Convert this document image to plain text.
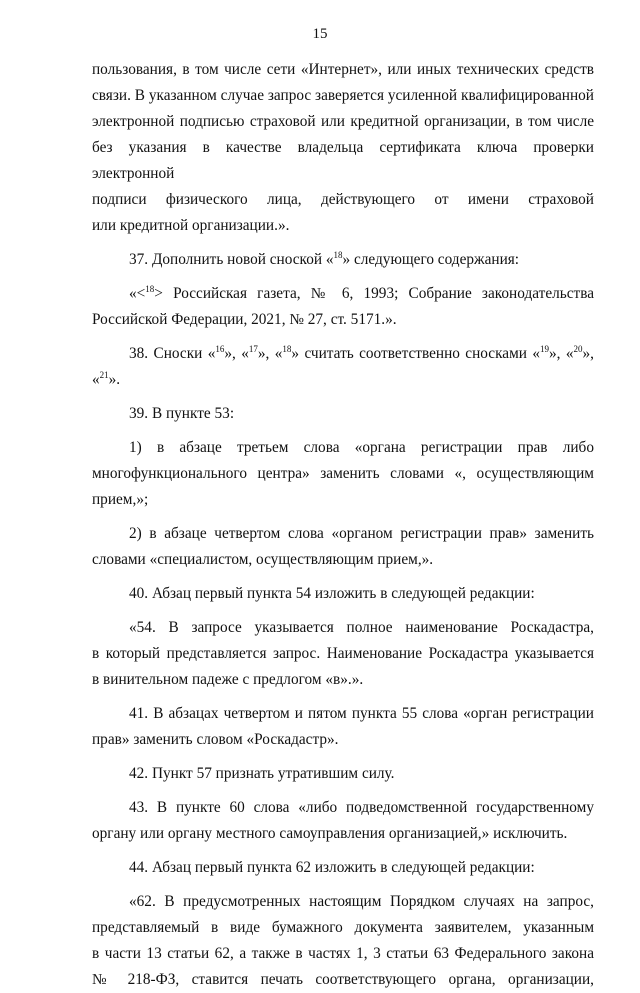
15
пользования, в том числе сети «Интернет», или иных технических средств
связи. В указанном случае запрос заверяется усиленной квалифицированной
электронной подписью страховой или кредитной организации, в том числе
без указания в качестве владельца сертификата ключа проверки электронной
подписи физического лица, действующего от имени страховой
или кредитной организации.».
37. Дополнить новой сноской «$^{18}$» следующего содержания:
«<$^{18}$> Российская газета, № 6, 1993; Собрание законодательства
Российской Федерации, 2021, № 27, ст. 5171.».
38. Сноски «$^{16}$», «$^{17}$», «$^{18}$» считать соответственно сносками «$^{19}$», «$^{20}$»,
«$^{21}$».
39. В пункте 53:
1) в абзаце третьем слова «органа регистрации прав либо
многофункционального центра» заменить словами «, осуществляющим
прием,»;
2) в абзаце четвертом слова «органом регистрации прав» заменить
словами «специалистом, осуществляющим прием,».
40. Абзац первый пункта 54 изложить в следующей редакции:
«54. В запросе указывается полное наименование Роскадастра,
в который представляется запрос. Наименование Роскадастра указывается
в винительном падеже с предлогом «в».».
41. В абзацах четвертом и пятом пункта 55 слова «орган регистрации
прав» заменить словом «Роскадастр».
42. Пункт 57 признать утратившим силу.
43. В пункте 60 слова «либо подведомственной государственному
органу или органу местного самоуправления организацией,» исключить.
44. Абзац первый пункта 62 изложить в следующей редакции:
«62. В предусмотренных настоящим Порядком случаях на запрос,
представляемый в виде бумажного документа заявителем, указанным
в части 13 статьи 62, а также в частях 1, 3 статьи 63 Федерального закона
№ 218-ФЗ, ставится печать соответствующего органа, организации,
